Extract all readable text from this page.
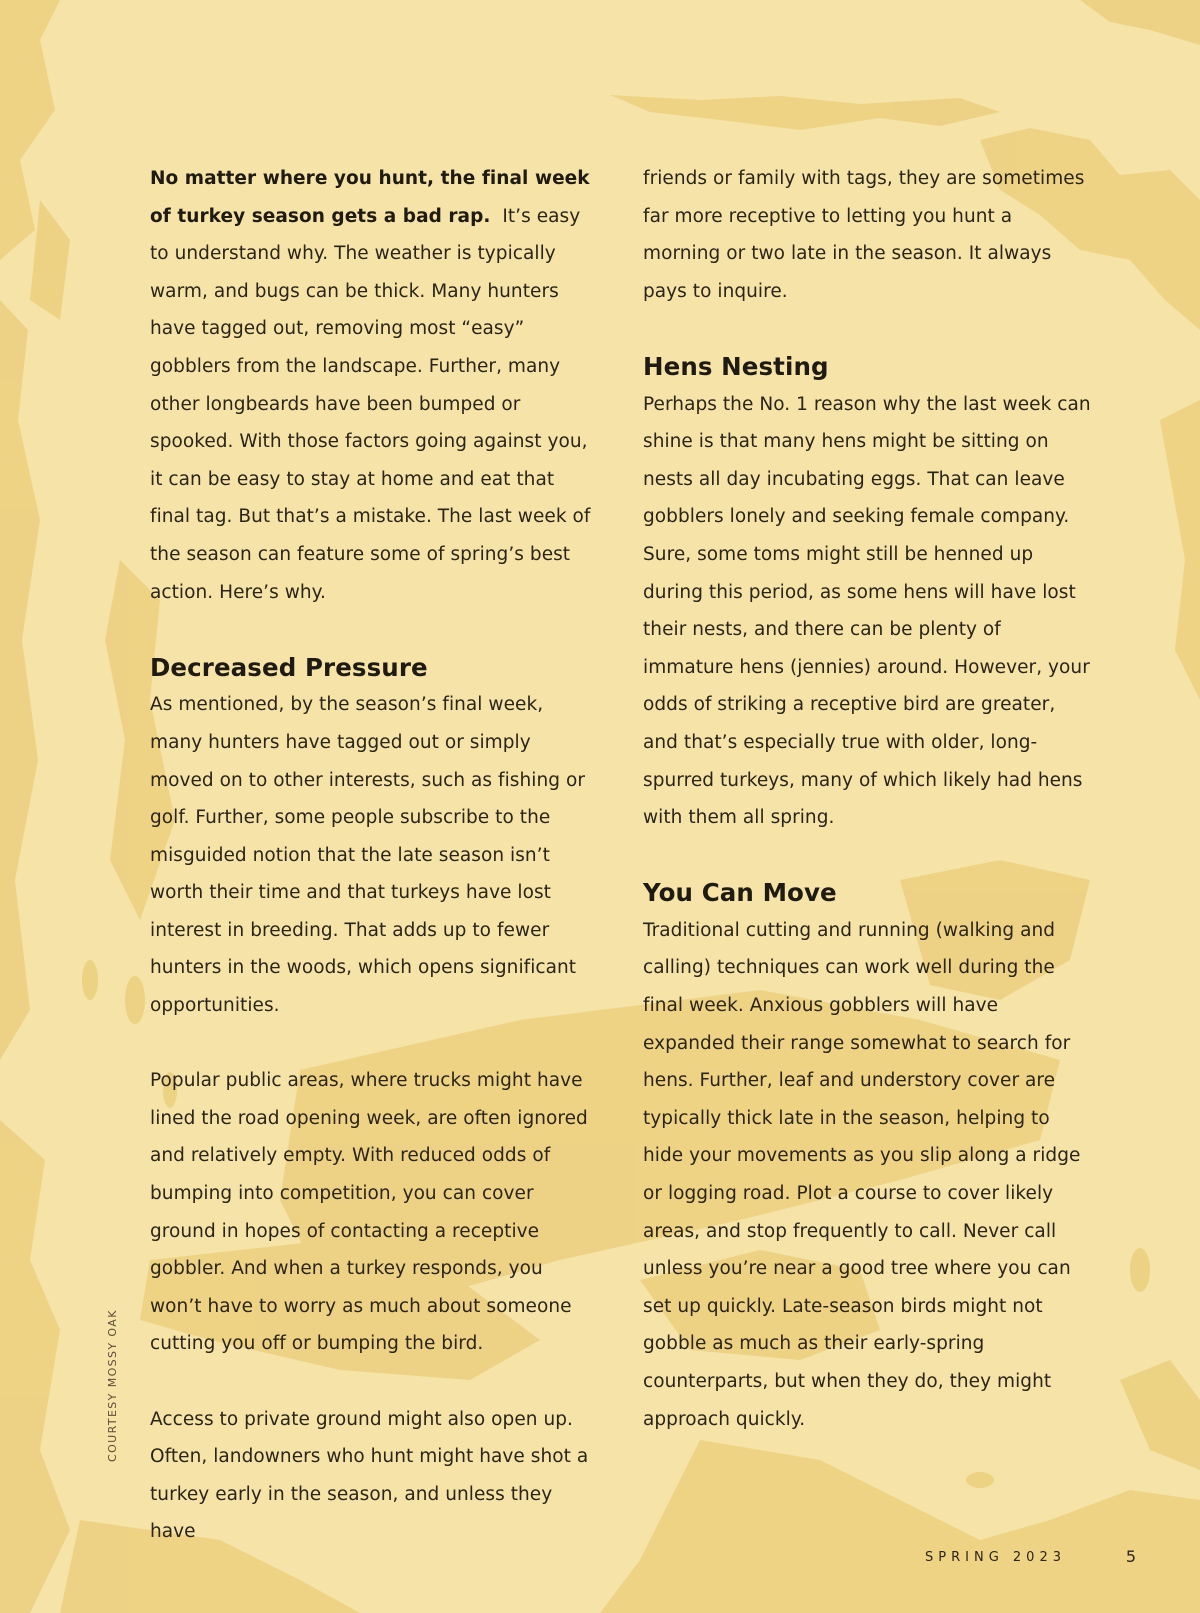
No matter where you hunt, the final week of turkey season gets a bad rap. It’s easy to understand why. The weather is typically warm, and bugs can be thick. Many hunters have tagged out, removing most “easy” gobblers from the landscape. Further, many other longbeards have been bumped or spooked. With those factors going against you, it can be easy to stay at home and eat that final tag. But that’s a mistake. The last week of the season can feature some of spring’s best action. Here’s why.

Decreased Pressure

As mentioned, by the season’s final week, many hunters have tagged out or simply moved on to other interests, such as fishing or golf. Further, some people subscribe to the misguided notion that the late season isn’t worth their time and that turkeys have lost interest in breeding. That adds up to fewer hunters in the woods, which opens significant opportunities.

Popular public areas, where trucks might have lined the road opening week, are often ignored and relatively empty. With reduced odds of bumping into competition, you can cover ground in hopes of contacting a receptive gobbler. And when a turkey responds, you won’t have to worry as much about someone cutting you off or bumping the bird.

Access to private ground might also open up. Often, landowners who hunt might have shot a turkey early in the season, and unless they have

friends or family with tags, they are sometimes far more receptive to letting you hunt a morning or two late in the season. It always pays to inquire.

Hens Nesting

Perhaps the No. 1 reason why the last week can shine is that many hens might be sitting on nests all day incubating eggs. That can leave gobblers lonely and seeking female company. Sure, some toms might still be henned up during this period, as some hens will have lost their nests, and there can be plenty of immature hens (jennies) around. However, your odds of striking a receptive bird are greater, and that’s especially true with older, long-spurred turkeys, many of which likely had hens with them all spring.

You Can Move

Traditional cutting and running (walking and calling) techniques can work well during the final week. Anxious gobblers will have expanded their range somewhat to search for hens. Further, leaf and understory cover are typically thick late in the season, helping to hide your movements as you slip along a ridge or logging road. Plot a course to cover likely areas, and stop frequently to call. Never call unless you’re near a good tree where you can set up quickly. Late-season birds might not gobble as much as their early-spring counterparts, but when they do, they might approach quickly.

COURTESY MOSSY OAK
SPRING 2023	5
